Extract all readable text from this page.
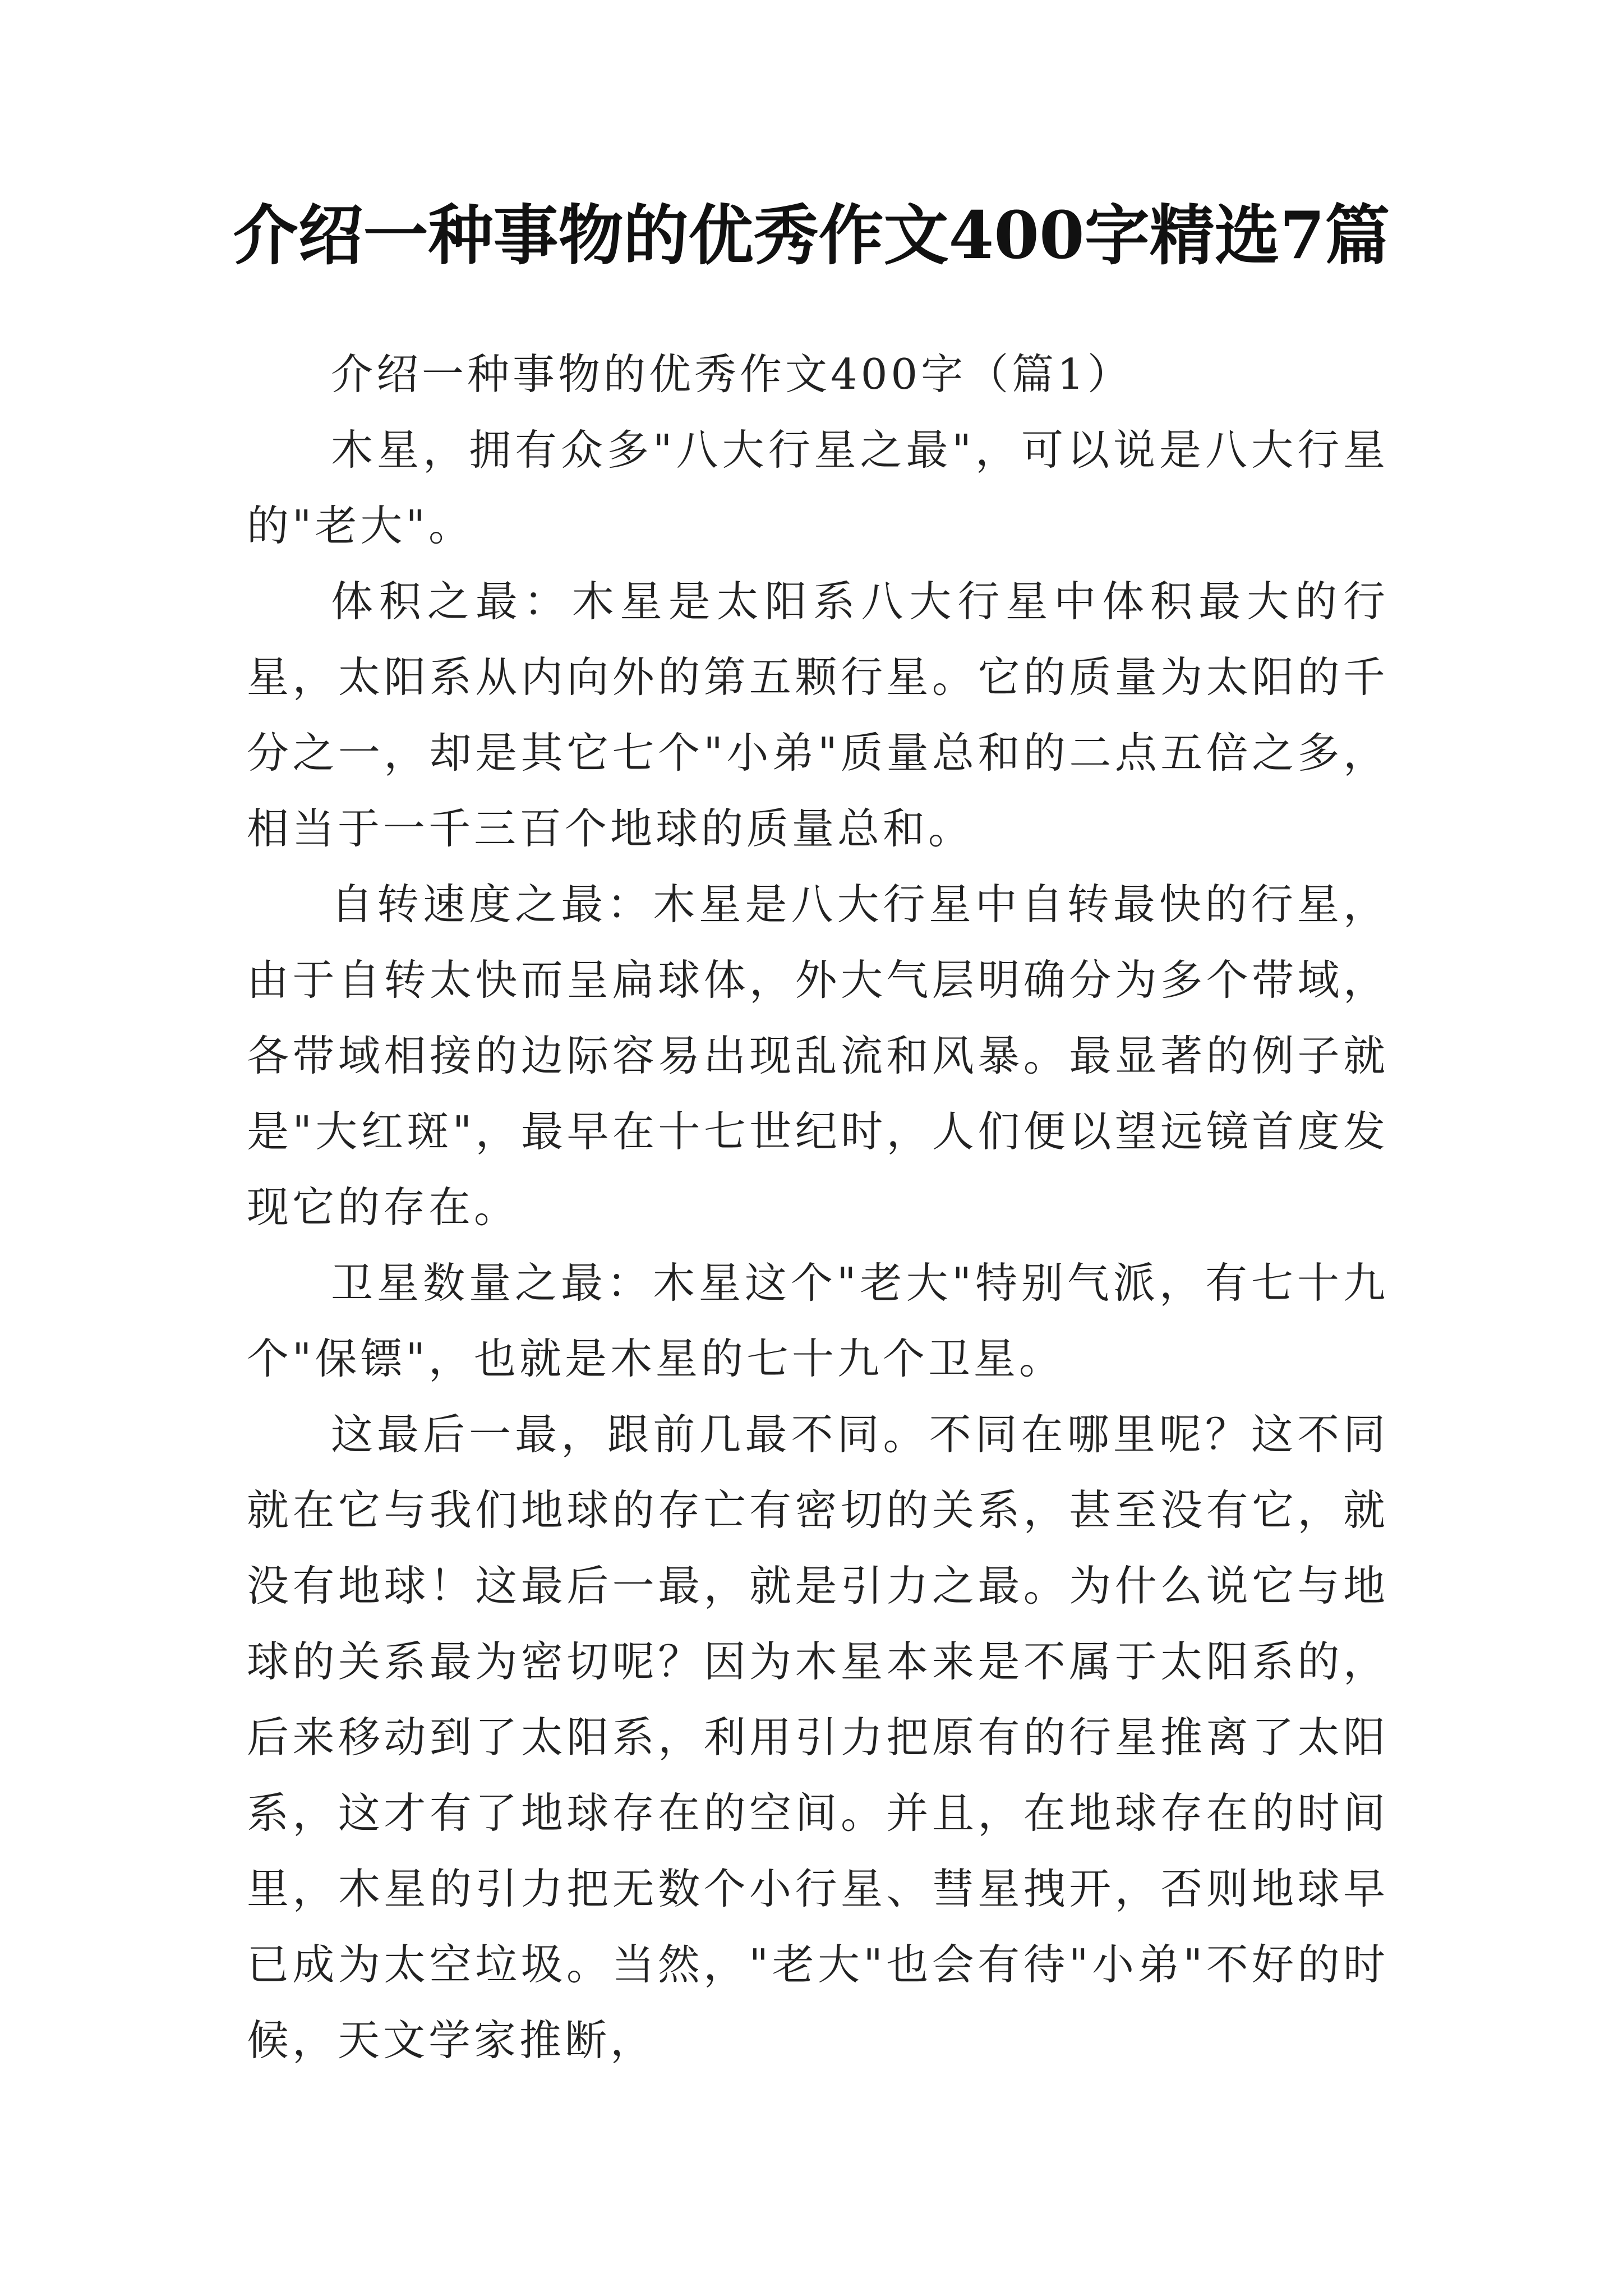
介绍一种事物的优秀作文400字精选7篇

介绍一种事物的优秀作文400字（篇1）

木星，拥有众多"八大行星之最"，可以说是八大行星的"老大"。

体积之最：木星是太阳系八大行星中体积最大的行星，太阳系从内向外的第五颗行星。它的质量为太阳的千分之一，却是其它七个"小弟"质量总和的二点五倍之多，相当于一千三百个地球的质量总和。

自转速度之最：木星是八大行星中自转最快的行星，由于自转太快而呈扁球体，外大气层明确分为多个带域，各带域相接的边际容易出现乱流和风暴。最显著的例子就是"大红斑"，最早在十七世纪时，人们便以望远镜首度发现它的存在。

卫星数量之最：木星这个"老大"特别气派，有七十九个"保镖"，也就是木星的七十九个卫星。

这最后一最，跟前几最不同。不同在哪里呢？这不同就在它与我们地球的存亡有密切的关系，甚至没有它，就没有地球！这最后一最，就是引力之最。为什么说它与地球的关系最为密切呢？因为木星本来是不属于太阳系的，后来移动到了太阳系，利用引力把原有的行星推离了太阳系，这才有了地球存在的空间。并且，在地球存在的时间里，木星的引力把无数个小行星、彗星拽开，否则地球早已成为太空垃圾。当然，"老大"也会有待"小弟"不好的时候，天文学家推断，
